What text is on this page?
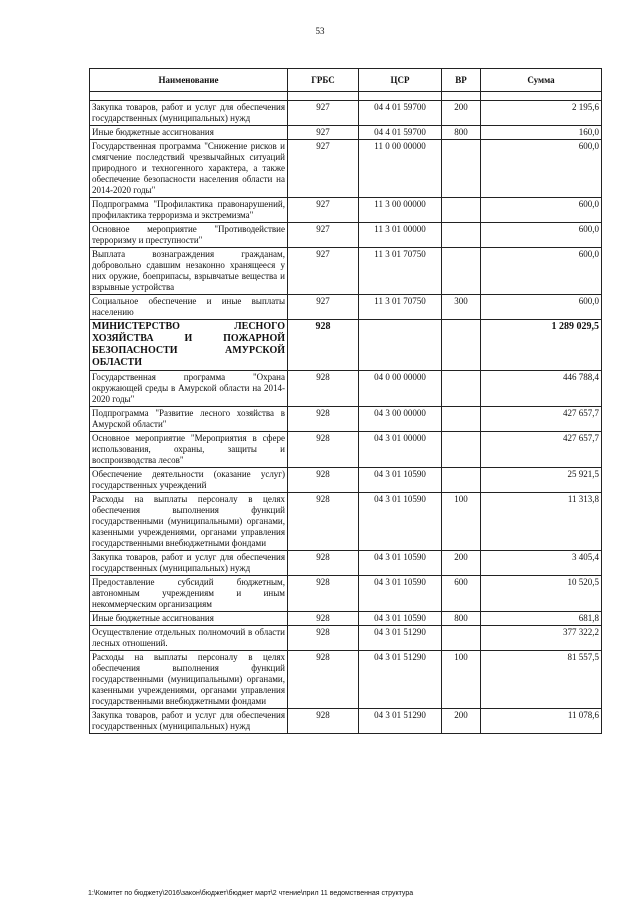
53
Наименование	ГРБС	ЦСР	ВР	Сумма

Закупка товаров, работ и услуг для обеспечения государственных (муниципальных) нужд	927	04 4 01 59700	200	2 195,6
Иные бюджетные ассигнования	927	04 4 01 59700	800	160,0
Государственная программа "Снижение рисков и смягчение последствий чрезвычайных ситуаций природного и техногенного характера, а также обеспечение безопасности населения области на 2014-2020 годы"	927	11 0 00 00000		600,0
Подпрограмма "Профилактика правонарушений, профилактика терроризма и экстремизма"	927	11 3 00 00000		600,0
Основное мероприятие "Противодействие терроризму и преступности"	927	11 3 01 00000		600,0
Выплата вознаграждения гражданам, добровольно сдавшим незаконно хранящееся у них оружие, боеприпасы, взрывчатые вещества и взрывные устройства	927	11 3 01 70750		600,0
Социальное обеспечение и иные выплаты населению	927	11 3 01 70750	300	600,0
МИНИСТЕРСТВО ЛЕСНОГО ХОЗЯЙСТВА И ПОЖАРНОЙ БЕЗОПАСНОСТИ АМУРСКОЙ ОБЛАСТИ	928			1 289 029,5
Государственная программа "Охрана окружающей среды в Амурской области на 2014-2020 годы"	928	04 0 00 00000		446 788,4
Подпрограмма "Развитие лесного хозяйства в Амурской области"	928	04 3 00 00000		427 657,7
Основное мероприятие "Мероприятия в сфере использования, охраны, защиты и воспроизводства лесов"	928	04 3 01 00000		427 657,7
Обеспечение деятельности (оказание услуг) государственных учреждений	928	04 3 01 10590		25 921,5
Расходы на выплаты персоналу в целях обеспечения выполнения функций государственными (муниципальными) органами, казенными учреждениями, органами управления государственными внебюджетными фондами	928	04 3 01 10590	100	11 313,8
Закупка товаров, работ и услуг для обеспечения государственных (муниципальных) нужд	928	04 3 01 10590	200	3 405,4
Предоставление субсидий бюджетным, автономным учреждениям и иным некоммерческим организациям	928	04 3 01 10590	600	10 520,5
Иные бюджетные ассигнования	928	04 3 01 10590	800	681,8
Осуществление отдельных полномочий в области лесных отношений.	928	04 3 01 51290		377 322,2
Расходы на выплаты персоналу в целях обеспечения выполнения функций государственными (муниципальными) органами, казенными учреждениями, органами управления государственными внебюджетными фондами	928	04 3 01 51290	100	81 557,5
Закупка товаров, работ и услуг для обеспечения государственных (муниципальных) нужд	928	04 3 01 51290	200	11 078,6
1:\Комитет по бюджету\2016\закон\бюджет\бюджет март\2 чтение\прил 11 ведомственная структура
